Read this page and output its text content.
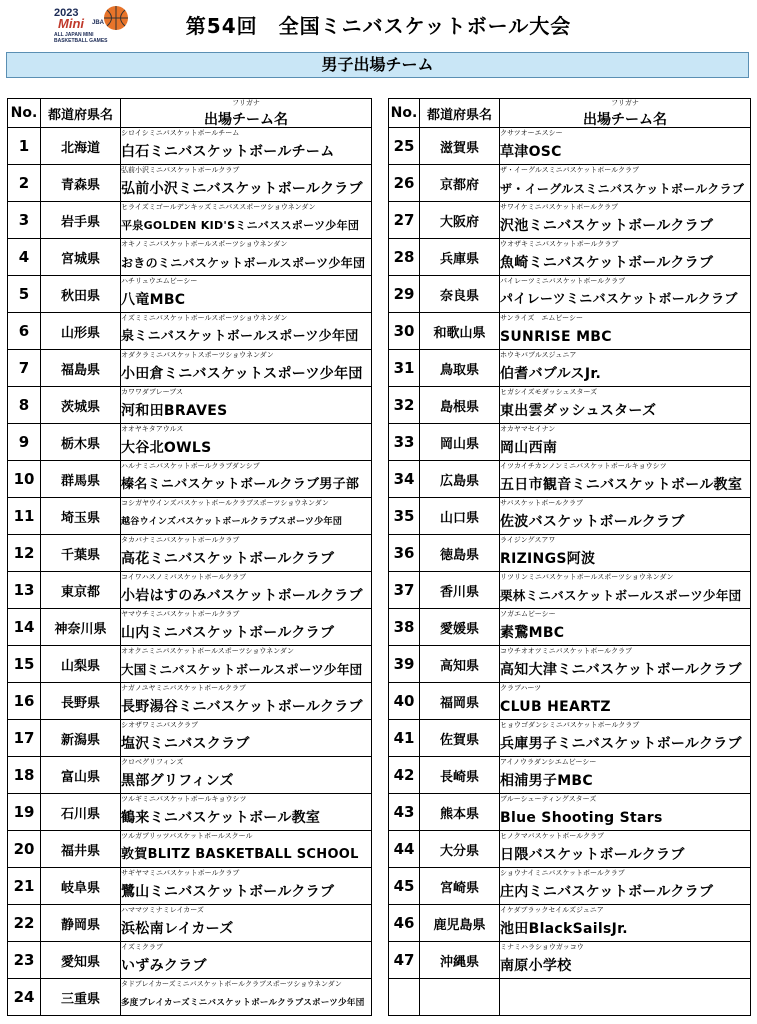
2023
Mini JBA
ALL JAPAN MINI
BASKETBALL GAMES
第54回　全国ミニバスケットボール大会
男子出場チーム
No.	都道府県名	フリガナ
出場チーム名

1	北海道	シロイシミニバスケットボールチーム
白石ミニバスケットボールチーム

2	青森県	弘前小沢ミニバスケットボールクラブ
弘前小沢ミニバスケットボールクラブ

3	岩手県	ヒライズミゴールデンキッズミニバススポーツショウネンダン
平泉GOLDEN KID'Sミニバススポーツ少年団

4	宮城県	オキノミニバスケットボールスポーツショウネンダン
おきのミニバスケットボールスポーツ少年団

5	秋田県	ハチリュウエムビーシー
八竜MBC

6	山形県	イズミミニバスケットボールスポーツショウネンダン
泉ミニバスケットボールスポーツ少年団

7	福島県	オダクラミニバスケットスポーツショウネンダン
小田倉ミニバスケットスポーツ少年団

8	茨城県	カワワダブレーブス
河和田BRAVES

9	栃木県	オオヤキタアウルス
大谷北OWLS

10	群馬県	ハルナミニバスケットボールクラブダンシブ
榛名ミニバスケットボールクラブ男子部

11	埼玉県	コシガヤウインズバスケットボールクラブスポーツショウネンダン
越谷ウインズバスケットボールクラブスポーツ少年団

12	千葉県	タカバナミニバスケットボールクラブ
高花ミニバスケットボールクラブ

13	東京都	コイワハスノミバスケットボールクラブ
小岩はすのみバスケットボールクラブ

14	神奈川県	ヤマウチミニバスケットボールクラブ
山内ミニバスケットボールクラブ

15	山梨県	オオクニミニバスケットボールスポーツショウネンダン
大国ミニバスケットボールスポーツ少年団

16	長野県	ナガノユヤミニバスケットボールクラブ
長野湯谷ミニバスケットボールクラブ

17	新潟県	シオザワミニバスクラブ
塩沢ミニバスクラブ

18	富山県	クロベグリフィンズ
黒部グリフィンズ

19	石川県	ツルギミニバスケットボールキョウシツ
鶴来ミニバスケットボール教室

20	福井県	ツルガブリッツバスケットボールスクール
敦賀BLITZ BASKETBALL SCHOOL

21	岐阜県	サギヤマミニバスケットボールクラブ
鷺山ミニバスケットボールクラブ

22	静岡県	ハママツミナミレイカーズ
浜松南レイカーズ

23	愛知県	イズミクラブ
いずみクラブ

24	三重県	タドブレイカーズミニバスケットボールクラブスポーツショウネンダン
多度ブレイカーズミニバスケットボールクラブスポーツ少年団
No.	都道府県名	フリガナ
出場チーム名

25	滋賀県	クサツオーエスシー
草津OSC

26	京都府	ザ・イーグルスミニバスケットボールクラブ
ザ・イーグルスミニバスケットボールクラブ

27	大阪府	サワイケミニバスケットボールクラブ
沢池ミニバスケットボールクラブ

28	兵庫県	ウオザキミニバスケットボールクラブ
魚崎ミニバスケットボールクラブ

29	奈良県	パイレーツミニバスケットボールクラブ
パイレーツミニバスケットボールクラブ

30	和歌山県	サンライズ　エムビーシー
SUNRISE MBC

31	鳥取県	ホウキバブルスジュニア
伯耆バブルスJr.

32	島根県	ヒガシイズモダッシュスターズ
東出雲ダッシュスターズ

33	岡山県	オカヤマセイナン
岡山西南

34	広島県	イツカイチカンノンミニバスケットボールキョウシツ
五日市観音ミニバスケットボール教室

35	山口県	サバスケットボールクラブ
佐波バスケットボールクラブ

36	徳島県	ライジングスアワ
RIZINGS阿波

37	香川県	リツリンミニバスケットボールスポーツショウネンダン
栗林ミニバスケットボールスポーツ少年団

38	愛媛県	ソガエムビーシー
素鵞MBC

39	高知県	コウチオオツミニバスケットボールクラブ
高知大津ミニバスケットボールクラブ

40	福岡県	クラブハーツ
CLUB HEARTZ

41	佐賀県	ヒョウゴダンシミニバスケットボールクラブ
兵庫男子ミニバスケットボールクラブ

42	長崎県	アイノウラダンシエムビーシー
相浦男子MBC

43	熊本県	ブルーシューティングスターズ
Blue Shooting Stars

44	大分県	ヒノクマバスケットボールクラブ
日隈バスケットボールクラブ

45	宮崎県	ショウナイミニバスケットボールクラブ
庄内ミニバスケットボールクラブ

46	鹿児島県	イケダブラックセイルズジュニア
池田BlackSailsJr.

47	沖縄県	ミナミハラショウガッコウ
南原小学校
